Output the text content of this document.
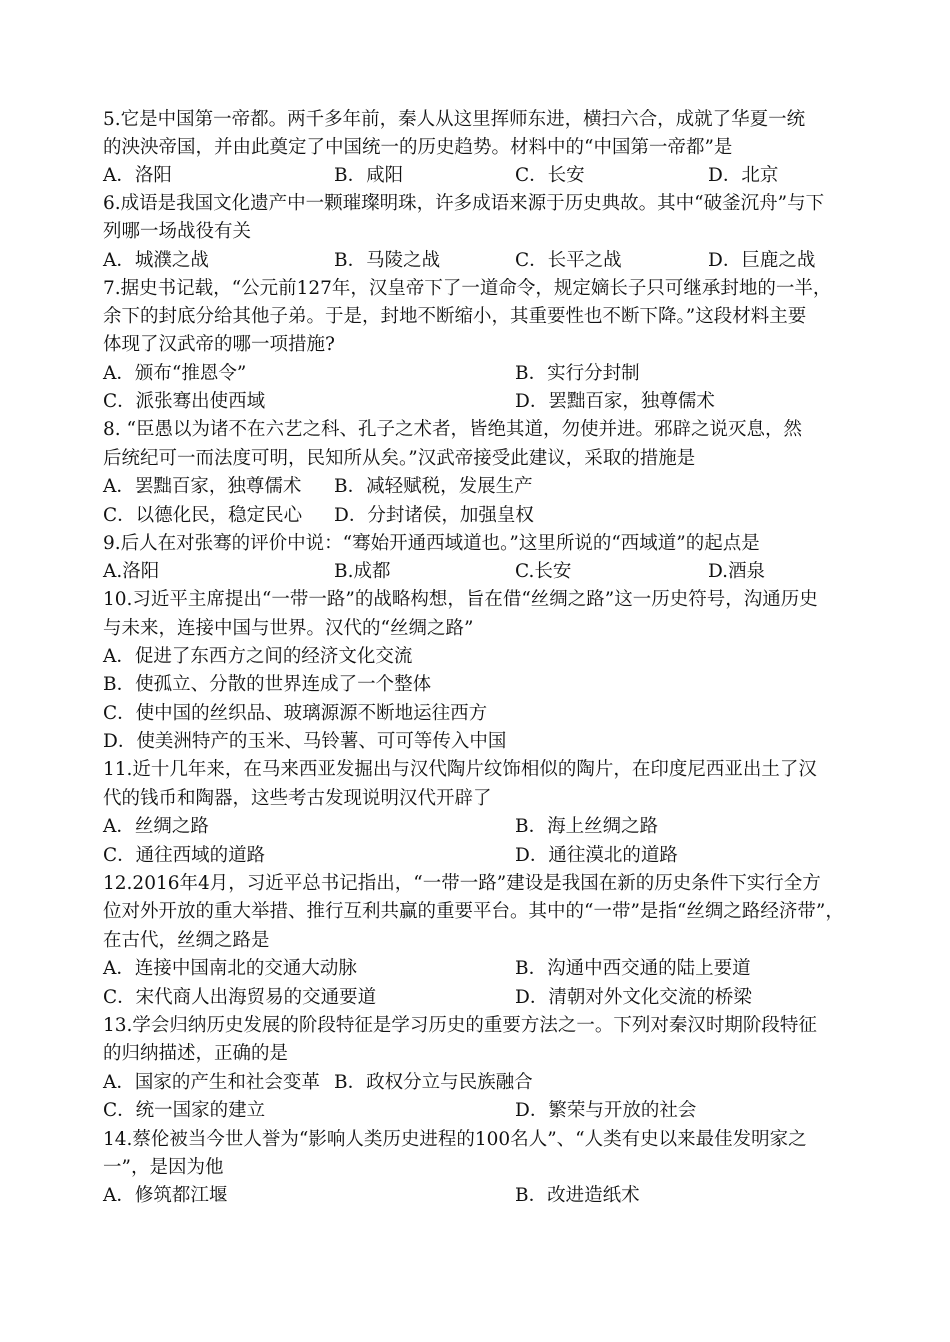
5.它是中国第一帝都。两千多年前，秦人从这里挥师东进，横扫六合，成就了华夏一统
的泱泱帝国，并由此奠定了中国统一的历史趋势。材料中的“中国第一帝都”是
A．洛阳	B．咸阳	C．长安	D．北京
6.成语是我国文化遗产中一颗璀璨明珠，许多成语来源于历史典故。其中“破釜沉舟”与下
列哪一场战役有关
A．城濮之战	B．马陵之战	C．长平之战	D．巨鹿之战
7.据史书记载，“公元前127年，汉皇帝下了一道命令，规定嫡长子只可继承封地的一半，
余下的封底分给其他子弟。于是，封地不断缩小，其重要性也不断下降。”这段材料主要
体现了汉武帝的哪一项措施?
A．颁布“推恩令”	B．实行分封制
C．派张骞出使西域	D．罢黜百家，独尊儒术
8. “臣愚以为诸不在六艺之科、孔子之术者，皆绝其道，勿使并进。邪辟之说灭息，然
后统纪可一而法度可明，民知所从矣。”汉武帝接受此建议，采取的措施是
A．罢黜百家，独尊儒术 B．减轻赋税，发展生产
C．以德化民，稳定民心 D．分封诸侯，加强皇权
9.后人在对张骞的评价中说：“骞始开通西域道也。”这里所说的“西域道”的起点是
A.洛阳	B.成都	C.长安	D.酒泉
10.习近平主席提出“一带一路”的战略构想，旨在借“丝绸之路”这一历史符号，沟通历史
与未来，连接中国与世界。汉代的“丝绸之路”
A．促进了东西方之间的经济文化交流
B．使孤立、分散的世界连成了一个整体
C．使中国的丝织品、玻璃源源不断地运往西方
D．使美洲特产的玉米、马铃薯、可可等传入中国
11.近十几年来，在马来西亚发掘出与汉代陶片纹饰相似的陶片，在印度尼西亚出土了汉
代的钱币和陶器，这些考古发现说明汉代开辟了
A．丝绸之路	B．海上丝绸之路
C．通往西域的道路	D．通往漠北的道路
12.2016年4月，习近平总书记指出，“一带一路”建设是我国在新的历史条件下实行全方
位对外开放的重大举措、推行互利共赢的重要平台。其中的“一带”是指“丝绸之路经济带”，
在古代，丝绸之路是
A．连接中国南北的交通大动脉	B．沟通中西交通的陆上要道
C．宋代商人出海贸易的交通要道	D．清朝对外文化交流的桥梁
13.学会归纳历史发展的阶段特征是学习历史的重要方法之一。下列对秦汉时期阶段特征
的归纳描述，正确的是
A．国家的产生和社会变革 B．政权分立与民族融合
C．统一国家的建立	D．繁荣与开放的社会
14.蔡伦被当今世人誉为“影响人类历史进程的100名人”、“人类有史以来最佳发明家之
一”，是因为他
A．修筑都江堰	B．改进造纸术
